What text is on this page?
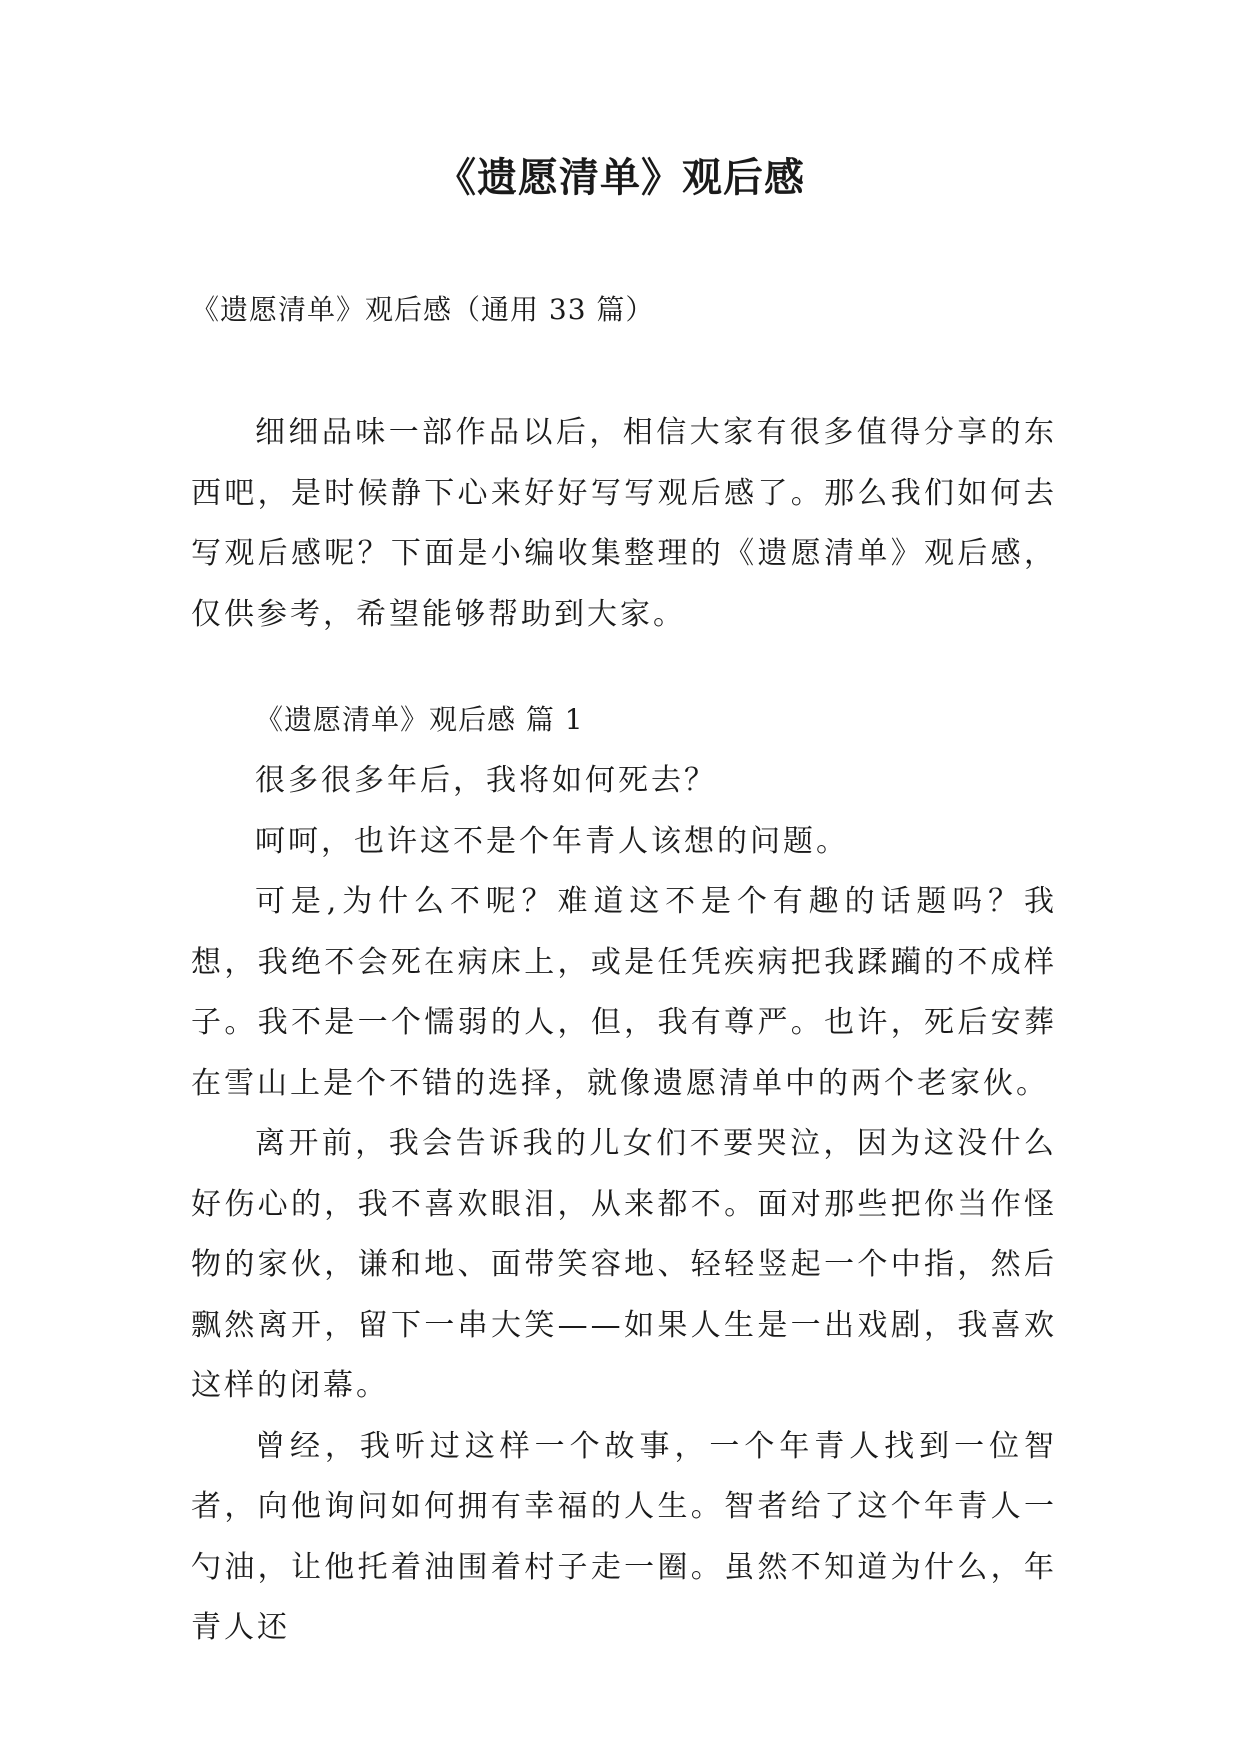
《遗愿清单》观后感
《遗愿清单》观后感（通用 33 篇）

细细品味一部作品以后，相信大家有很多值得分享的东西吧，是时候静下心来好好写写观后感了。那么我们如何去写观后感呢？下面是小编收集整理的《遗愿清单》观后感，仅供参考，希望能够帮助到大家。

《遗愿清单》观后感 篇 1

很多很多年后，我将如何死去？

呵呵，也许这不是个年青人该想的问题。

可是,为什么不呢？难道这不是个有趣的话题吗？我想，我绝不会死在病床上，或是任凭疾病把我蹂躏的不成样子。我不是一个懦弱的人，但，我有尊严。也许，死后安葬在雪山上是个不错的选择，就像遗愿清单中的两个老家伙。

离开前，我会告诉我的儿女们不要哭泣，因为这没什么好伤心的，我不喜欢眼泪，从来都不。面对那些把你当作怪物的家伙，谦和地、面带笑容地、轻轻竖起一个中指，然后飘然离开，留下一串大笑——如果人生是一出戏剧，我喜欢这样的闭幕。

曾经，我听过这样一个故事，一个年青人找到一位智者，向他询问如何拥有幸福的人生。智者给了这个年青人一勺油，让他托着油围着村子走一圈。虽然不知道为什么，年青人还
